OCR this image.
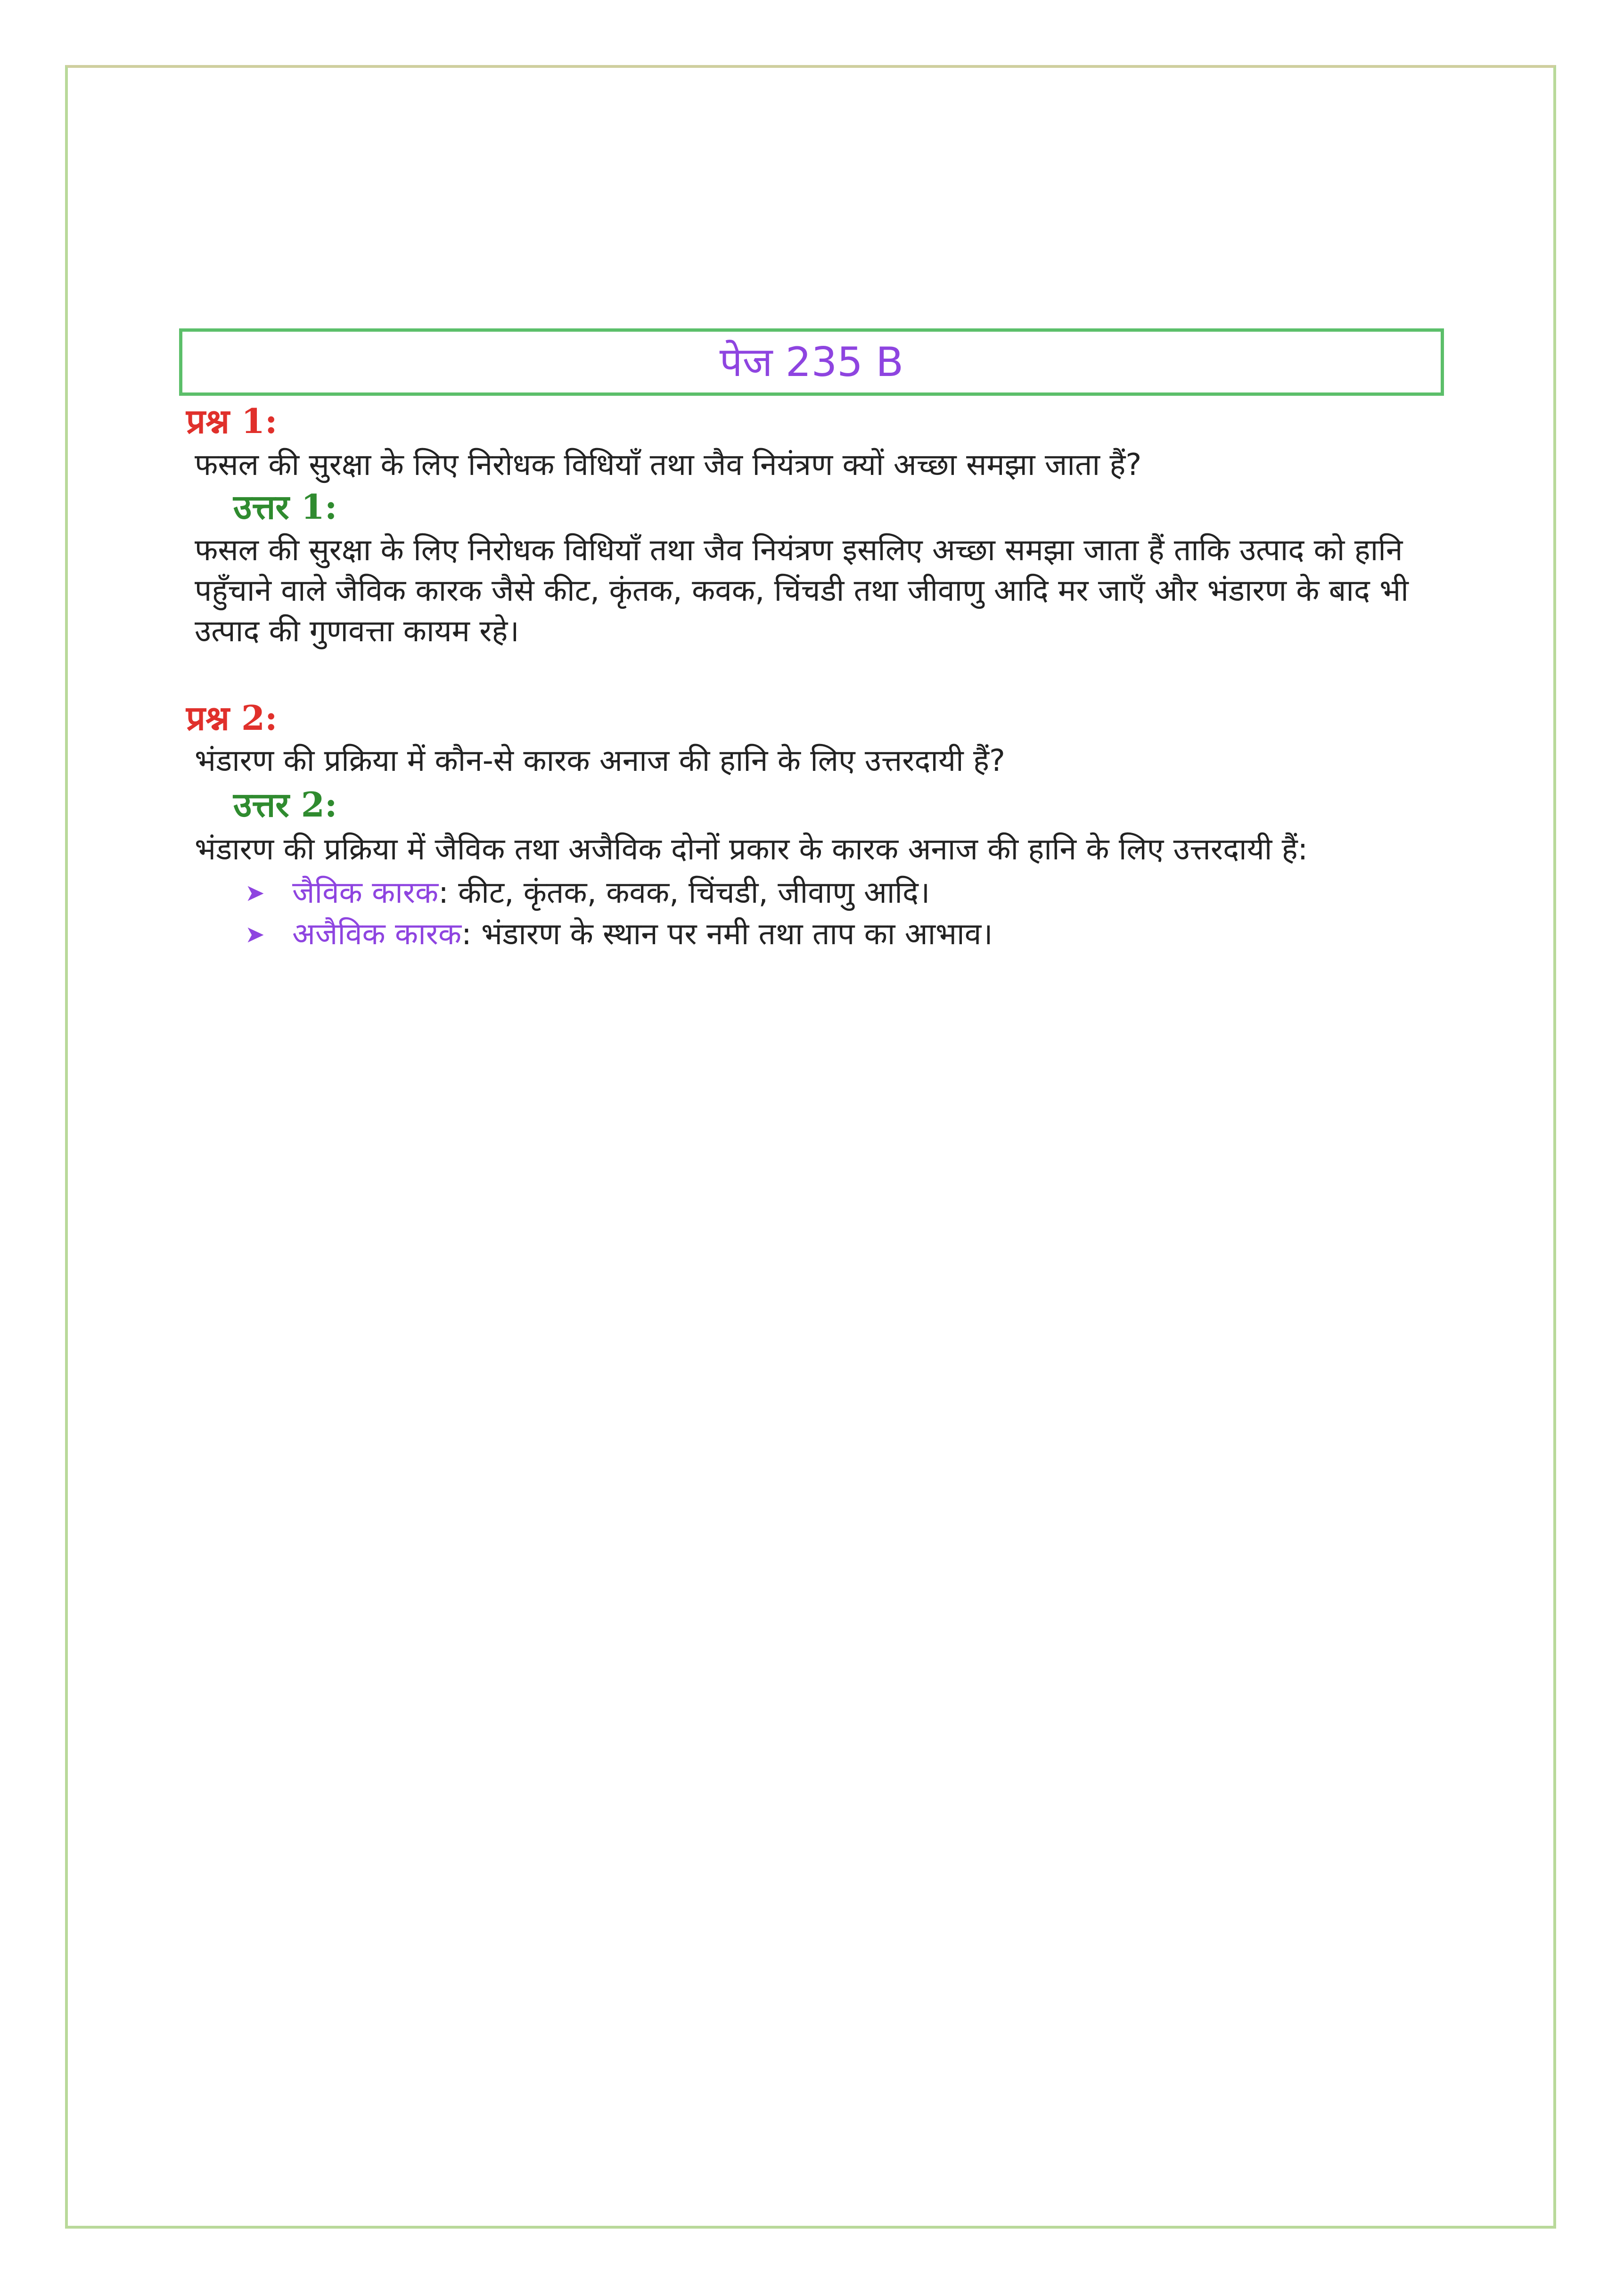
पेज 235 B
प्रश्न 1:
फसल की सुरक्षा के लिए निरोधक विधियाँ तथा जैव नियंत्रण क्यों अच्छा समझा जाता हैं?
उत्तर 1:
फसल की सुरक्षा के लिए निरोधक विधियाँ तथा जैव नियंत्रण इसलिए अच्छा समझा जाता हैं ताकि उत्पाद को हानि पहुँचाने वाले जैविक कारक जैसे कीट, कृंतक, कवक, चिंचडी तथा जीवाणु आदि मर जाएँ और भंडारण के बाद भी उत्पाद की गुणवत्ता कायम रहे।
प्रश्न 2:
भंडारण की प्रक्रिया में कौन-से कारक अनाज की हानि के लिए उत्तरदायी हैं?
उत्तर 2:
भंडारण की प्रक्रिया में जैविक तथा अजैविक दोनों प्रकार के कारक अनाज की हानि के लिए उत्तरदायी हैं:
➤ जैविक कारक: कीट, कृंतक, कवक, चिंचडी, जीवाणु आदि।
➤ अजैविक कारक: भंडारण के स्थान पर नमी तथा ताप का आभाव।
